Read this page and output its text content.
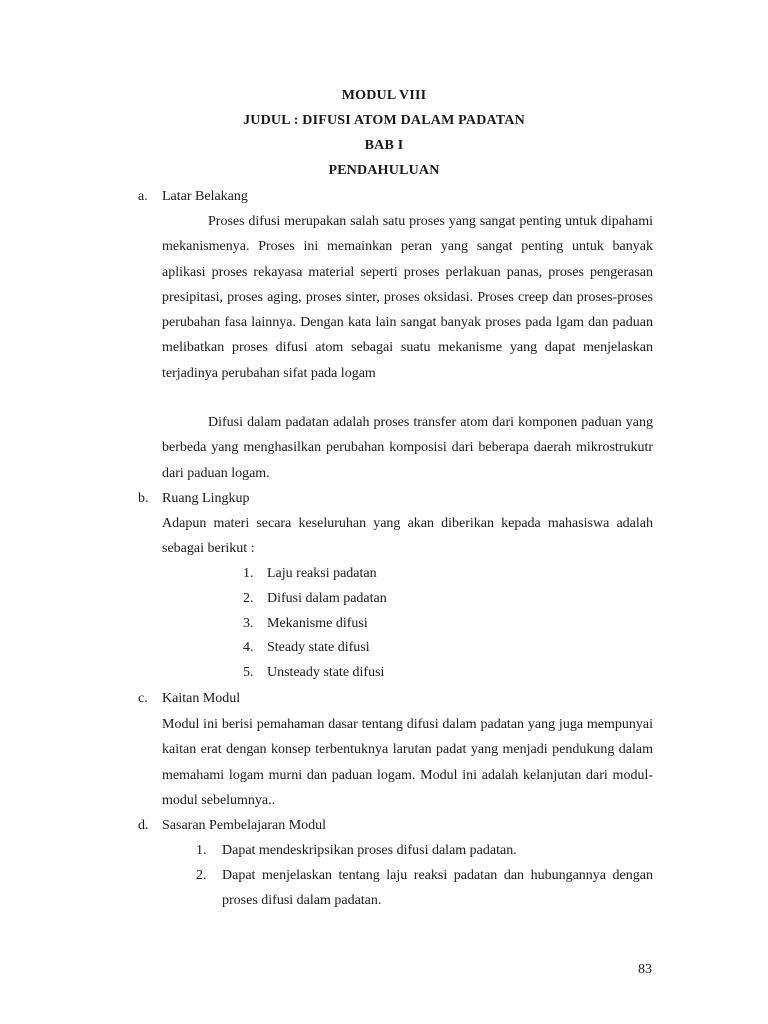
MODUL VIII
JUDUL : DIFUSI ATOM DALAM PADATAN
BAB I
PENDAHULUAN
a. Latar Belakang

Proses difusi merupakan salah satu proses yang sangat penting untuk dipahami mekanismenya. Proses ini memainkan peran yang sangat penting untuk banyak aplikasi proses rekayasa material seperti proses perlakuan panas, proses pengerasan presipitasi, proses aging, proses sinter, proses oksidasi. Proses creep dan proses-proses perubahan fasa lainnya. Dengan kata lain sangat banyak proses pada lgam dan paduan melibatkan proses difusi atom sebagai suatu mekanisme yang dapat menjelaskan terjadinya perubahan sifat pada logam

Difusi dalam padatan adalah proses transfer atom dari komponen paduan yang berbeda yang menghasilkan perubahan komposisi dari beberapa daerah mikrostrukutr dari paduan logam.

b. Ruang Lingkup

Adapun materi secara keseluruhan yang akan diberikan kepada mahasiswa adalah sebagai berikut :

1. Laju reaksi padatan
2. Difusi dalam padatan
3. Mekanisme difusi
4. Steady state difusi
5. Unsteady state difusi
c. Kaitan Modul

Modul ini berisi pemahaman dasar tentang difusi dalam padatan yang juga mempunyai kaitan erat dengan konsep terbentuknya larutan padat yang menjadi pendukung dalam memahami logam murni dan paduan logam. Modul ini adalah kelanjutan dari modul-modul sebelumnya..

d. Sasaran Pembelajaran Modul
1. Dapat mendeskripsikan proses difusi dalam padatan.
2. Dapat menjelaskan tentang laju reaksi padatan dan hubungannya dengan proses difusi dalam padatan.
83
